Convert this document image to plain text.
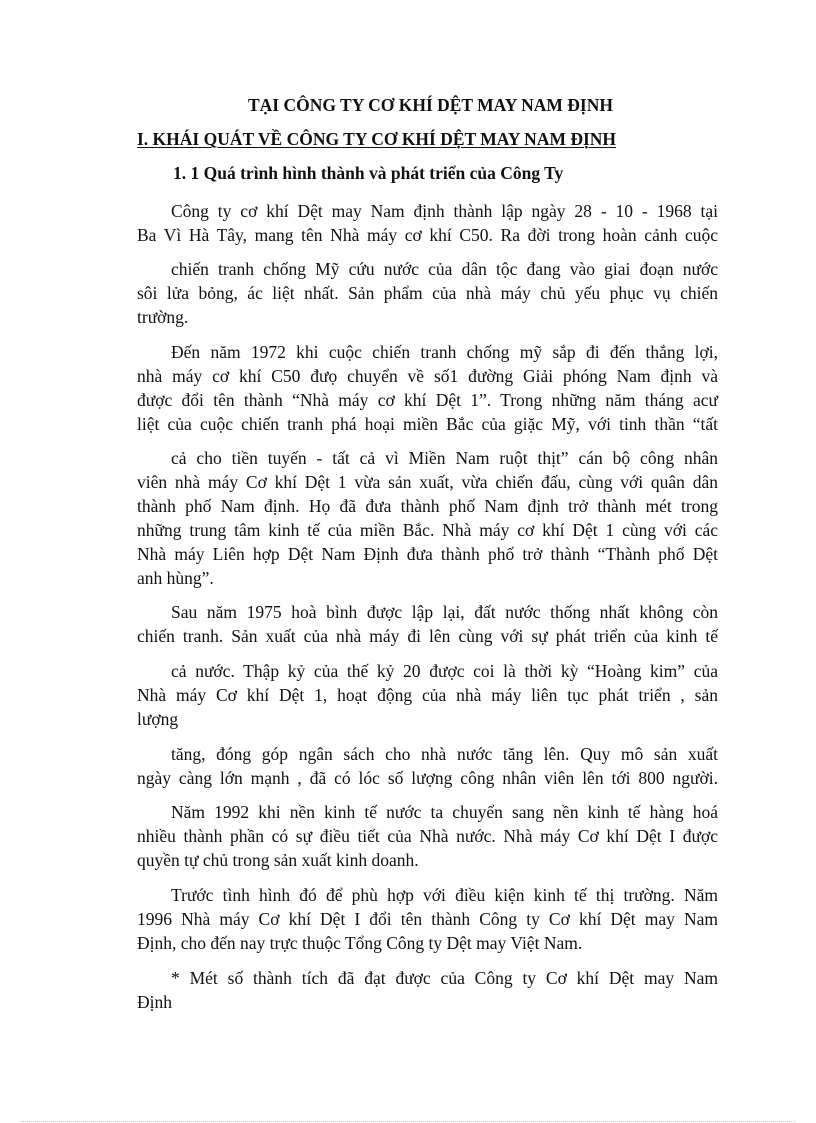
TẠI CÔNG TY CƠ KHÍ DỆT MAY NAM ĐỊNH
I. KHÁI QUÁT VỀ CÔNG TY CƠ KHÍ DỆT MAY NAM ĐỊNH
1. 1 Quá trình hình thành và phát triển của Công Ty
Công ty cơ khí Dệt may Nam định thành lập ngày 28 - 10 - 1968 tại
Ba Vì Hà Tây, mang tên Nhà máy cơ khí C50. Ra đời trong hoàn cảnh cuộc
chiến tranh chống Mỹ cứu nước của dân tộc đang vào giai đoạn nước
sôi lửa bỏng, ác liệt nhất. Sản phẩm của nhà máy chủ yếu phục vụ chiến
trường.
Đến năm 1972 khi cuộc chiến tranh chống mỹ sắp đi đến thắng lợi,
nhà máy cơ khí C50 đưọ chuyển về số1 đường Giải phóng Nam định và
được đổi tên thành “Nhà máy cơ khí Dệt 1”. Trong những năm tháng acư
liệt của cuộc chiến tranh phá hoại miền Bắc của giặc Mỹ, với tinh thần “tất
cả cho tiền tuyến - tất cả vì Miền Nam ruột thịt” cán bộ công nhân
viên nhà máy Cơ khí Dệt 1 vừa sản xuất, vừa chiến đấu, cùng với quân dân
thành phố Nam định. Họ đã đưa thành phố Nam định trở thành mét trong
những trung tâm kinh tế của miền Bắc. Nhà máy cơ khí Dệt 1 cùng với các
Nhà máy Liên hợp Dệt Nam Định đưa thành phố trở thành “Thành phố Dệt
anh hùng”.
Sau năm 1975 hoà bình được lập lại, đất nước thống nhất không còn
chiến tranh. Sản xuất của nhà máy đi lên cùng với sự phát triển của kinh tế
cả nước. Thập kỷ của thế kỷ 20 được coi là thời kỳ “Hoàng kim” của
Nhà máy Cơ khí Dệt 1, hoạt động của nhà máy liên tục phát triển , sản
lượng
tăng, đóng góp ngân sách cho nhà nước tăng lên. Quy mô sản xuất
ngày càng lớn mạnh , đã có lóc số lượng công nhân viên lên tới 800 người.
Năm 1992 khi nền kinh tế nước ta chuyển sang nền kinh tế hàng hoá
nhiều thành phần có sự điều tiết của Nhà nước. Nhà máy Cơ khí Dệt I được
quyền tự chủ trong sản xuất kinh doanh.
Trước tình hình đó để phù hợp với điều kiện kinh tế thị trường. Năm
1996 Nhà máy Cơ khí Dệt I đổi tên thành Công ty Cơ khí Dệt may Nam
Định, cho đến nay trực thuộc Tổng Công ty Dệt may Việt Nam.
* Mét số thành tích đã đạt được của Công ty Cơ khí Dệt may Nam
Định
